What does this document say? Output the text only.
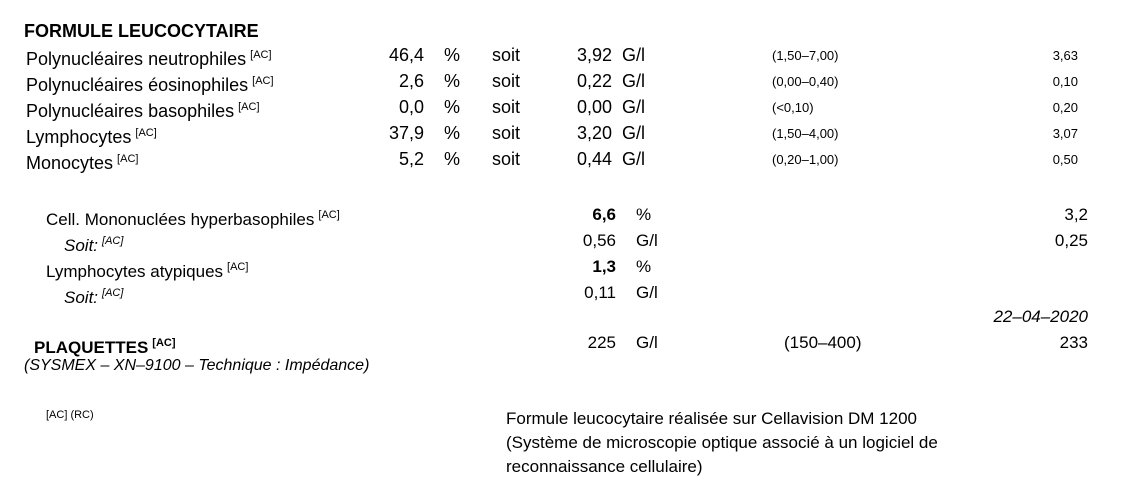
FORMULE LEUCOCYTAIRE
Polynucléaires neutrophiles [AC]	46,4 % soit	3,92 G/l	(1,50–7,00)	3,63
Polynucléaires éosinophiles [AC]	2,6 % soit	0,22 G/l	(0,00–0,40)	0,10
Polynucléaires basophiles [AC]	0,0 % soit	0,00 G/l	(<0,10)	0,20
Lymphocytes [AC]	37,9 % soit	3,20 G/l	(1,50–4,00)	3,07
Monocytes [AC]	5,2 % soit	0,44 G/l	(0,20–1,00)	0,50
Cell. Mononuclées hyperbasophiles [AC]	6,6 %	3,2
Soit: [AC]	0,56 G/l	0,25
Lymphocytes atypiques [AC]	1,3 %
Soit: [AC]	0,11 G/l
22–04–2020
PLAQUETTES [AC]	225 G/l	(150–400)	233
(SYSMEX – XN–9100 – Technique : Impédance)
[AC] (RC)	Formule leucocytaire réalisée sur Cellavision DM 1200
(Système de microscopie optique associé à un logiciel de
reconnaissance cellulaire)
